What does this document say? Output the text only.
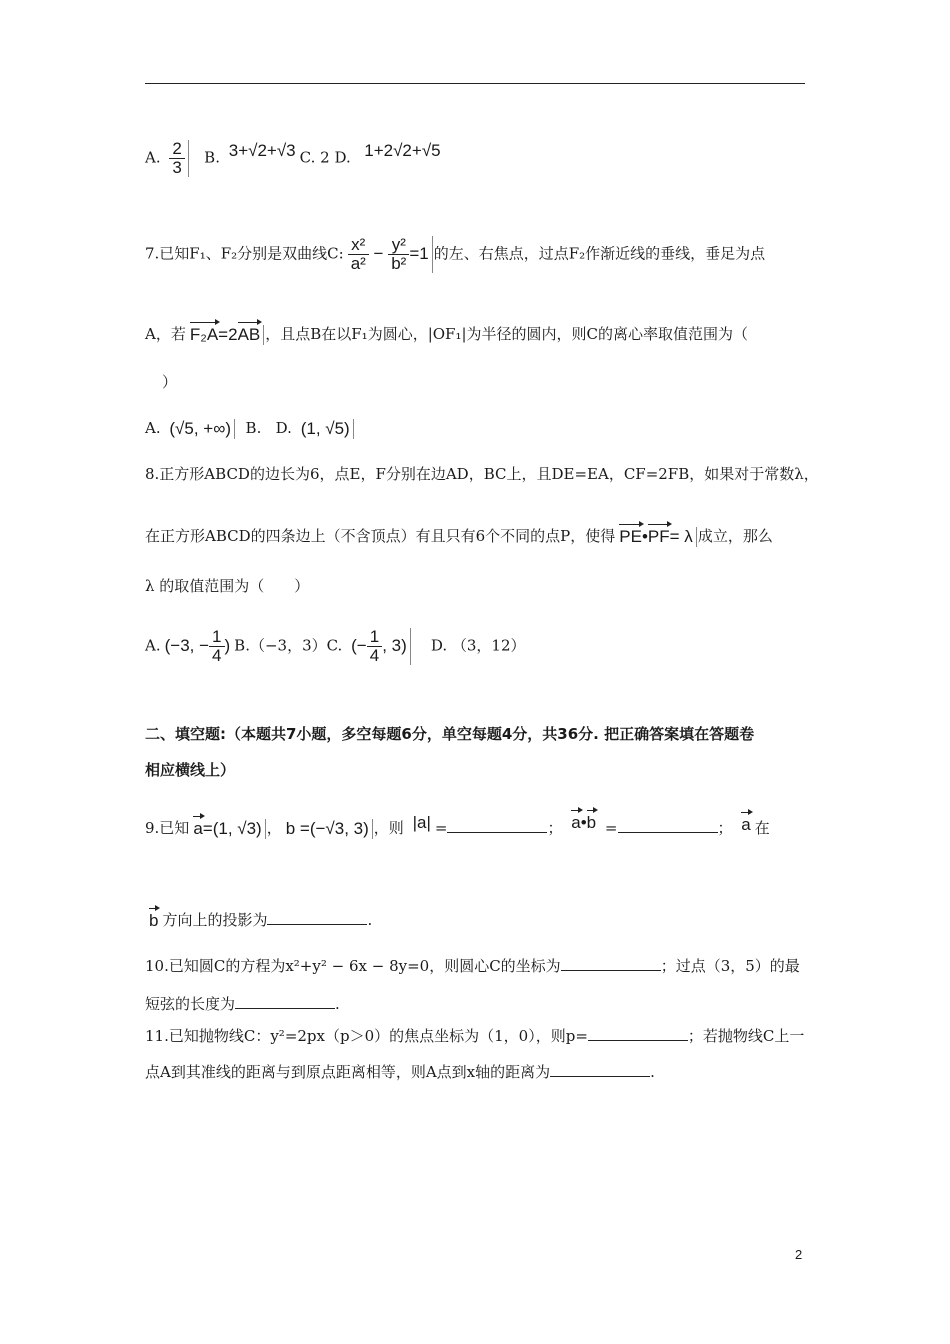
A. $\frac{2}{3} B$. 3+√2+√3 C. 2 D. 1+2√2+√5
7.已知F₁、F₂分别是双曲线C: $\frac{\text{x²}}{\text{a²}} - \frac{\text{y²}}{\text{b²}} =1$ 的左、右焦点，过点F₂作渐近线的垂线，垂足为点
A，若 F₂A=2AB ，且点B在以F₁为圆心，|OF₁|为半径的圆内，则C的离心率取值范围为（
）
A. (√5, +∞) B. D. (1, √5)
8.正方形ABCD的边长为6，点E，F分别在边AD，BC上，且DE=EA，CF=2FB，如果对于常数λ，
在正方形ABCD的四条边上（不含顶点）有且只有6个不同的点P，使得 PE•PF= λ 成立，那么
λ 的取值范围为（　　）
A. (−3, − $\frac{1}{4}$ ) B.（−3，3）C. (− $\frac{1}{4}$ , 3) D. （3，12）
二、填空题:（本题共7小题，多空每题6分，单空每题4分，共36分. 把正确答案填在答题卷
相应横线上）
9.已知 a=(1, √3) ， b =(−√3, 3) ，则 |a| =	； a•b =	； a 在
b 方向上的投影为	.
10.已知圆C的方程为x²+y² − 6x − 8y=0，则圆心C的坐标为	；过点（3，5）的最
短弦的长度为	.
11.已知抛物线C：y²=2px（p＞0）的焦点坐标为（1，0），则p=	；若抛物线C上一
点A到其准线的距离与到原点距离相等，则A点到x轴的距离为	.
2
